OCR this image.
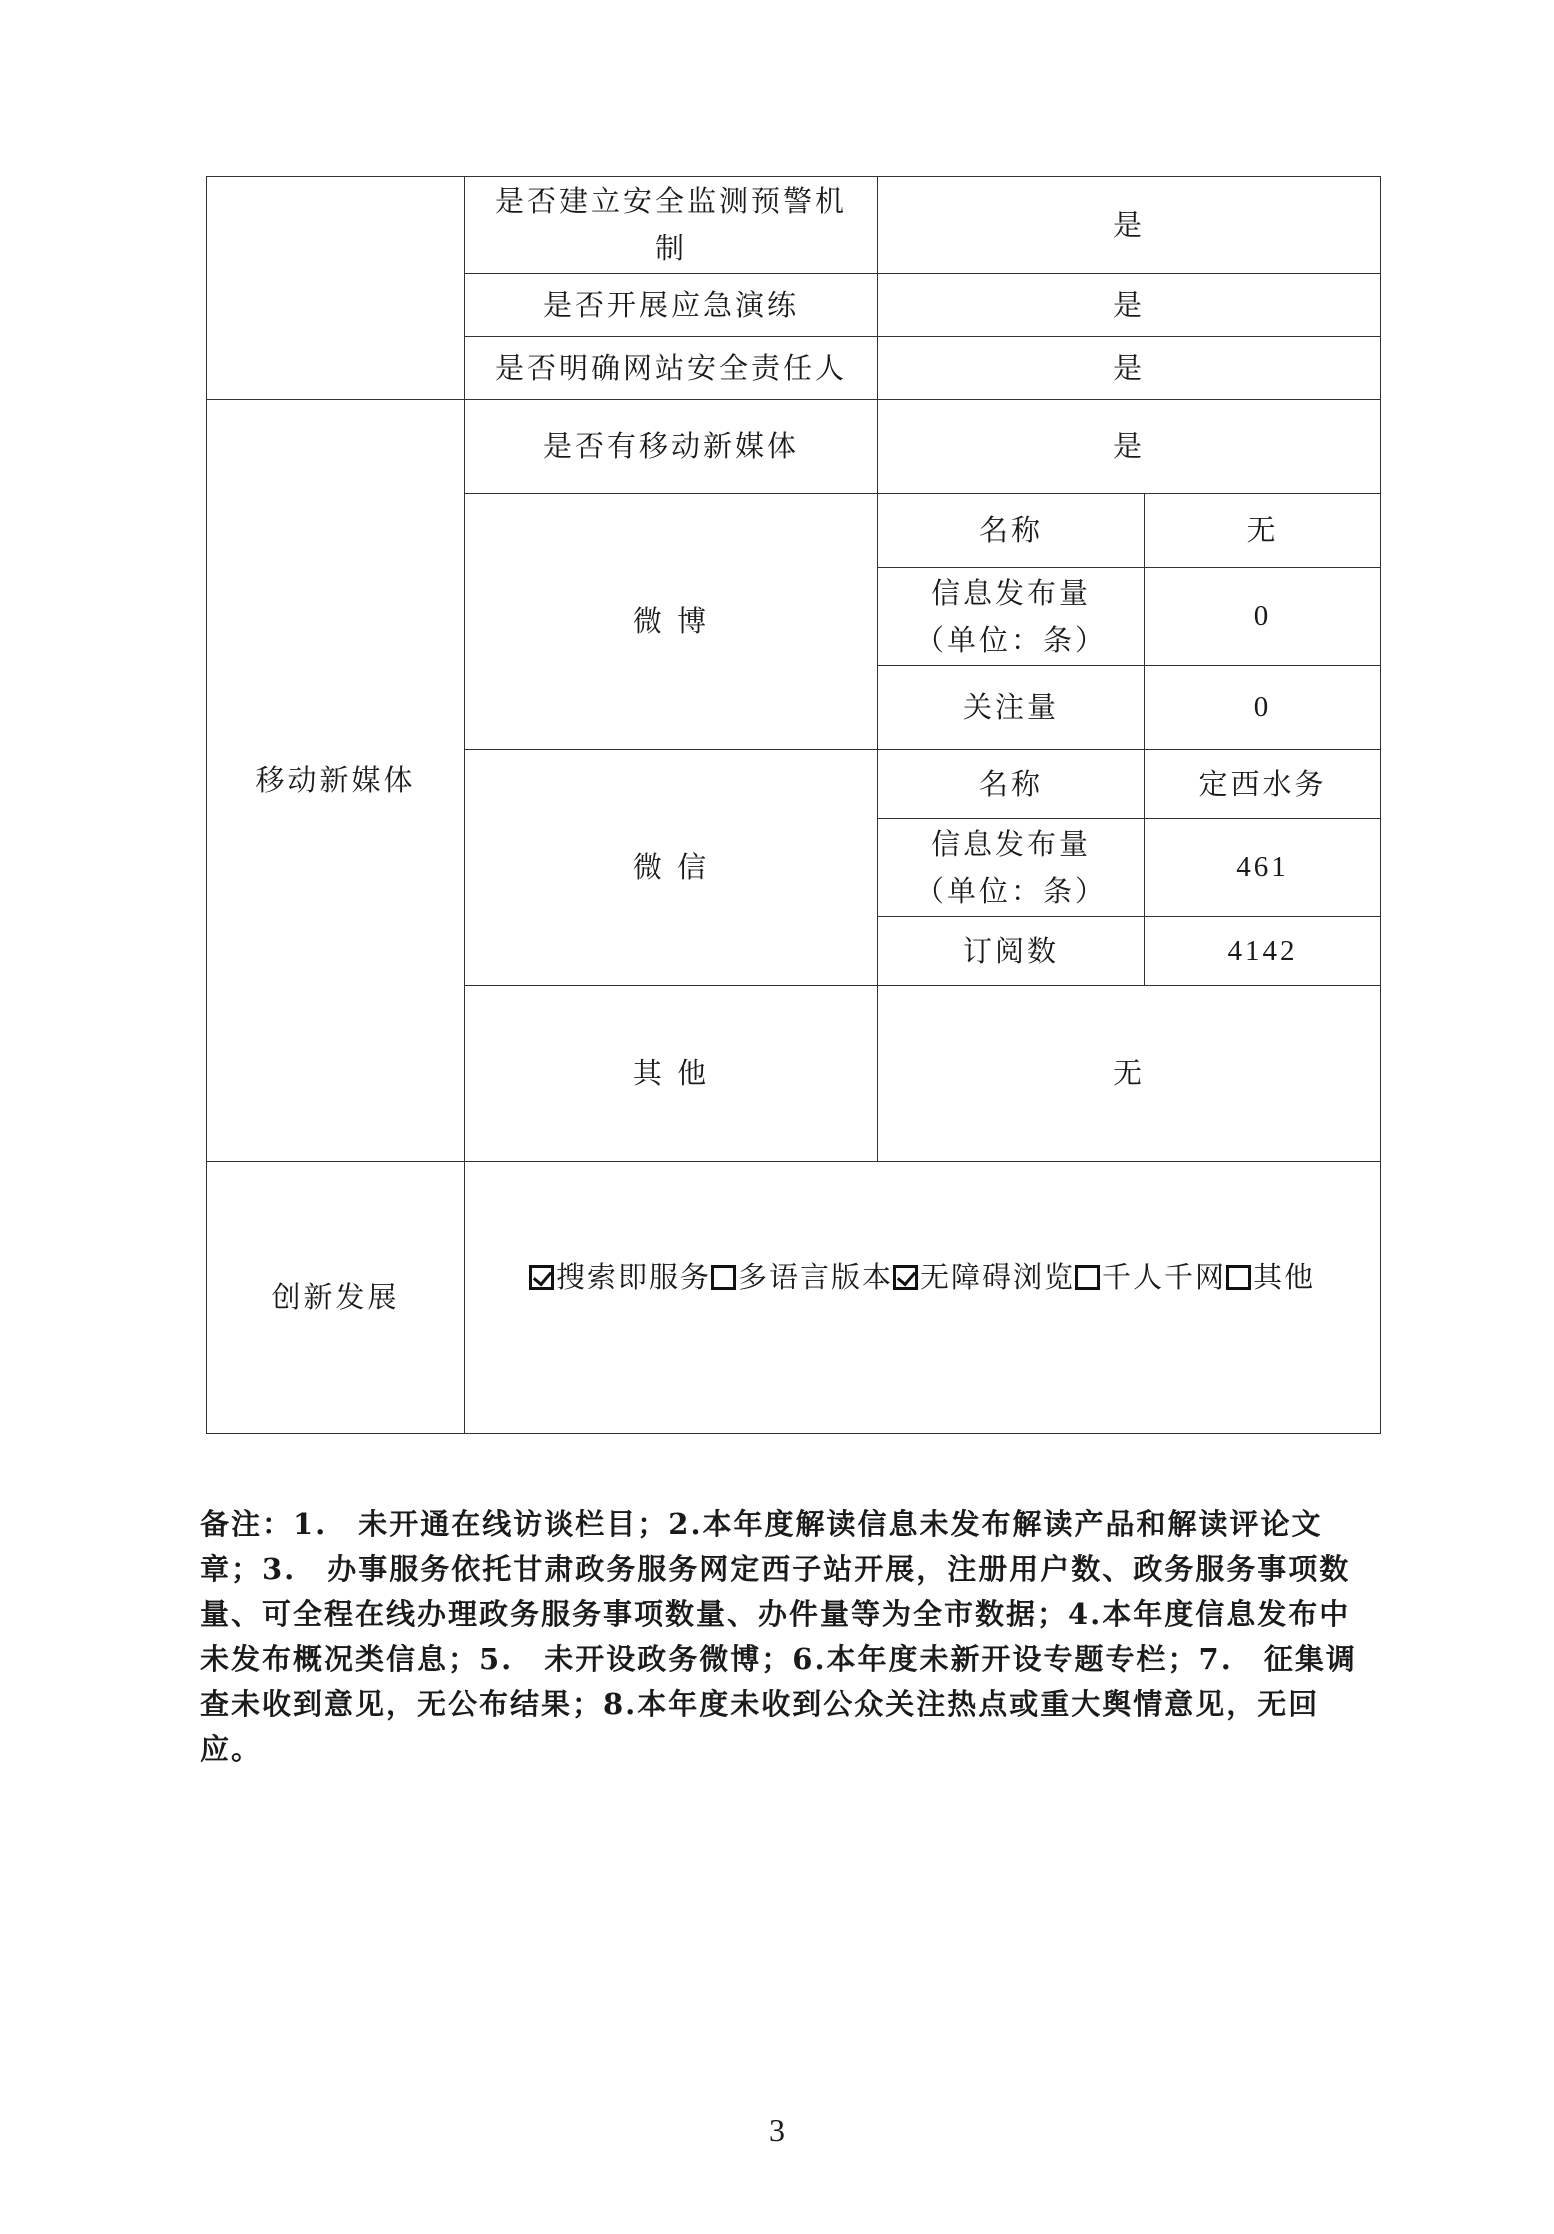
	是否建立安全监测预警机制	是	
	是否开展应急演练	是	
	是否明确网站安全责任人	是	
移动新媒体	是否有移动新媒体	是	
	微 博	名称	无
		信息发布量（单位：条）	0
		关注量	0
	微 信	名称	定西水务
		信息发布量（单位：条）	461
		订阅数	4142
	其 他	无	
创新发展	搜索即服务 多语言版本 无障碍浏览 千人千网 其他		

备注：1.　未开通在线访谈栏目；2.本年度解读信息未发布解读产品和解读评论文章；3.　办事服务依托甘肃政务服务网定西子站开展，注册用户数、政务服务事项数量、可全程在线办理政务服务事项数量、办件量等为全市数据；4.本年度信息发布中未发布概况类信息；5.　未开设政务微博；6.本年度未新开设专题专栏；7.　征集调查未收到意见，无公布结果；8.本年度未收到公众关注热点或重大舆情意见，无回应。

3
